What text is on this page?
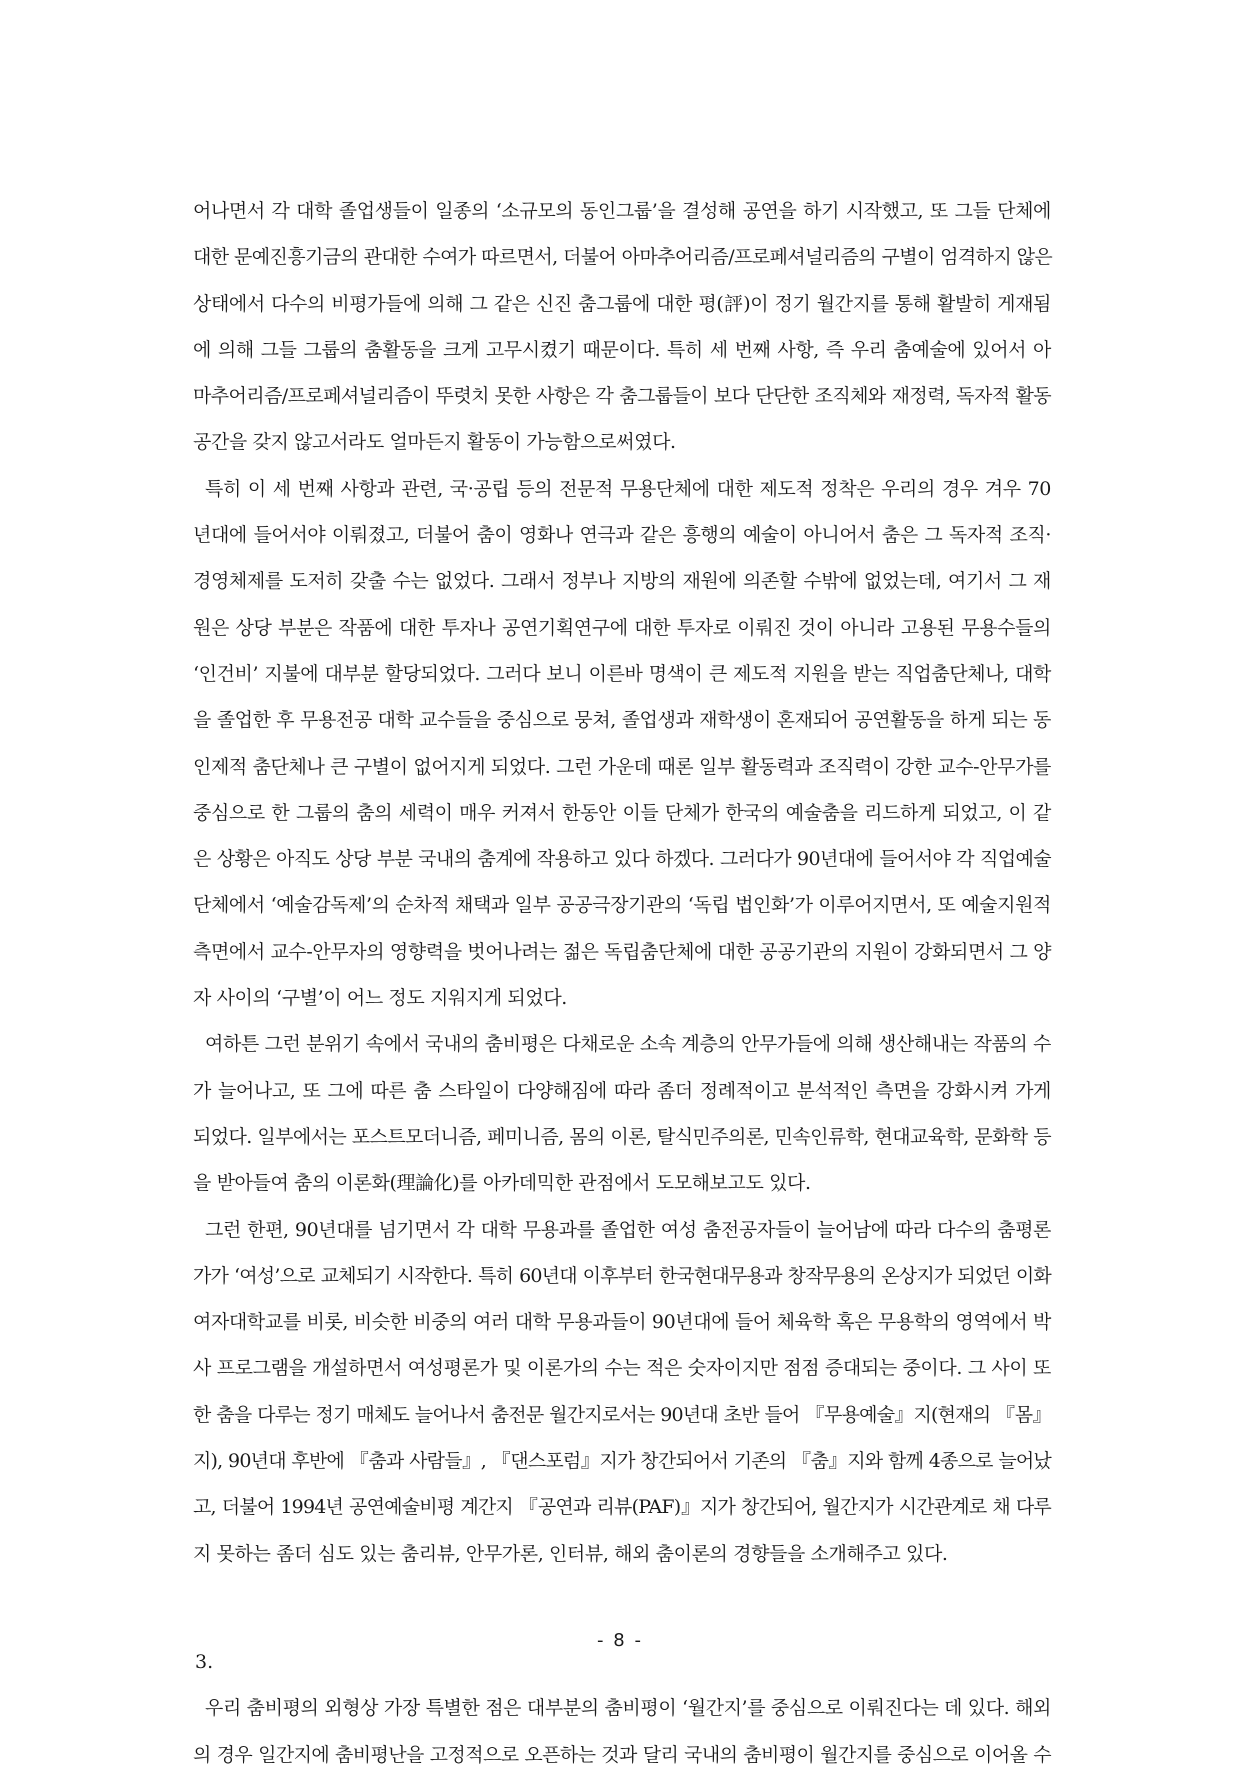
어나면서 각 대학 졸업생들이 일종의 ‘소규모의 동인그룹’을 결성해 공연을 하기 시작했고, 또 그들 단체에
대한 문예진흥기금의 관대한 수여가 따르면서, 더불어 아마추어리즘/프로페셔널리즘의 구별이 엄격하지 않은
상태에서 다수의 비평가들에 의해 그 같은 신진 춤그룹에 대한 평(評)이 정기 월간지를 통해 활발히 게재됨
에 의해 그들 그룹의 춤활동을 크게 고무시켰기 때문이다. 특히 세 번째 사항, 즉 우리 춤예술에 있어서 아
마추어리즘/프로페셔널리즘이 뚜렷치 못한 사항은 각 춤그룹들이 보다 단단한 조직체와 재정력, 독자적 활동
공간을 갖지 않고서라도 얼마든지 활동이 가능함으로써였다.
특히 이 세 번째 사항과 관련, 국·공립 등의 전문적 무용단체에 대한 제도적 정착은 우리의 경우 겨우 70
년대에 들어서야 이뤄졌고, 더불어 춤이 영화나 연극과 같은 흥행의 예술이 아니어서 춤은 그 독자적 조직·
경영체제를 도저히 갖출 수는 없었다. 그래서 정부나 지방의 재원에 의존할 수밖에 없었는데, 여기서 그 재
원은 상당 부분은 작품에 대한 투자나 공연기획연구에 대한 투자로 이뤄진 것이 아니라 고용된 무용수들의
‘인건비’ 지불에 대부분 할당되었다. 그러다 보니 이른바 명색이 큰 제도적 지원을 받는 직업춤단체나, 대학
을 졸업한 후 무용전공 대학 교수들을 중심으로 뭉쳐, 졸업생과 재학생이 혼재되어 공연활동을 하게 되는 동
인제적 춤단체나 큰 구별이 없어지게 되었다. 그런 가운데 때론 일부 활동력과 조직력이 강한 교수-안무가를
중심으로 한 그룹의 춤의 세력이 매우 커져서 한동안 이들 단체가 한국의 예술춤을 리드하게 되었고, 이 같
은 상황은 아직도 상당 부분 국내의 춤계에 작용하고 있다 하겠다. 그러다가 90년대에 들어서야 각 직업예술
단체에서 ‘예술감독제’의 순차적 채택과 일부 공공극장기관의 ‘독립 법인화’가 이루어지면서, 또 예술지원적
측면에서 교수-안무자의 영향력을 벗어나려는 젊은 독립춤단체에 대한 공공기관의 지원이 강화되면서 그 양
자 사이의 ‘구별’이 어느 정도 지워지게 되었다.
여하튼 그런 분위기 속에서 국내의 춤비평은 다채로운 소속 계층의 안무가들에 의해 생산해내는 작품의 수
가 늘어나고, 또 그에 따른 춤 스타일이 다양해짐에 따라 좀더 정례적이고 분석적인 측면을 강화시켜 가게
되었다. 일부에서는 포스트모더니즘, 페미니즘, 몸의 이론, 탈식민주의론, 민속인류학, 현대교육학, 문화학 등
을 받아들여 춤의 이론화(理論化)를 아카데믹한 관점에서 도모해보고도 있다.
그런 한편, 90년대를 넘기면서 각 대학 무용과를 졸업한 여성 춤전공자들이 늘어남에 따라 다수의 춤평론
가가 ‘여성’으로 교체되기 시작한다. 특히 60년대 이후부터 한국현대무용과 창작무용의 온상지가 되었던 이화
여자대학교를 비롯, 비슷한 비중의 여러 대학 무용과들이 90년대에 들어 체육학 혹은 무용학의 영역에서 박
사 프로그램을 개설하면서 여성평론가 및 이론가의 수는 적은 숫자이지만 점점 증대되는 중이다. 그 사이 또
한 춤을 다루는 정기 매체도 늘어나서 춤전문 월간지로서는 90년대 초반 들어 『무용예술』지(현재의 『몸』
지), 90년대 후반에 『춤과 사람들』, 『댄스포럼』지가 창간되어서 기존의 『춤』지와 함께 4종으로 늘어났
고, 더불어 1994년 공연예술비평 계간지 『공연과 리뷰(PAF)』지가 창간되어, 월간지가 시간관계로 채 다루
지 못하는 좀더 심도 있는 춤리뷰, 안무가론, 인터뷰, 해외 춤이론의 경향들을 소개해주고 있다.
3.
우리 춤비평의 외형상 가장 특별한 점은 대부분의 춤비평이 ‘월간지’를 중심으로 이뤄진다는 데 있다. 해외
의 경우 일간지에 춤비평난을 고정적으로 오픈하는 것과 달리 국내의 춤비평이 월간지를 중심으로 이어올 수
- 8 -
